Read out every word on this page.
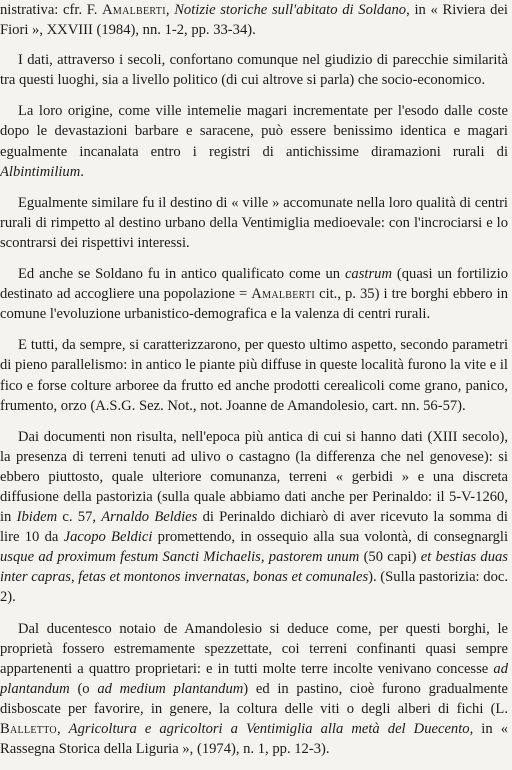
nistrativa: cfr. F. Amalberti, Notizie storiche sull'abitato di Soldano, in « Riviera dei Fiori », XXVIII (1984), nn. 1-2, pp. 33-34).

I dati, attraverso i secoli, confortano comunque nel giudizio di parecchie similarità tra questi luoghi, sia a livello politico (di cui altrove si parla) che socio-economico.

La loro origine, come ville intemelie magari incrementate per l'esodo dalle coste dopo le devastazioni barbare e saracene, può essere benissimo identica e magari egualmente incanalata entro i registri di antichissime diramazioni rurali di Albintimilium.

Egualmente similare fu il destino di « ville » accomunate nella loro qualità di centri rurali di rimpetto al destino urbano della Ventimiglia medioevale: con l'incrociarsi e lo scontrarsi dei rispettivi interessi.

Ed anche se Soldano fu in antico qualificato come un castrum (quasi un fortilizio destinato ad accogliere una popolazione = Amalberti cit., p. 35) i tre borghi ebbero in comune l'evoluzione urbanistico-demografica e la valenza di centri rurali.

E tutti, da sempre, si caratterizzarono, per questo ultimo aspetto, secondo parametri di pieno parallelismo: in antico le piante più diffuse in queste località furono la vite e il fico e forse colture arboree da frutto ed anche prodotti cerealicoli come grano, panico, frumento, orzo (A.S.G. Sez. Not., not. Joanne de Amandolesio, cart. nn. 56-57).

Dai documenti non risulta, nell'epoca più antica di cui si hanno dati (XIII secolo), la presenza di terreni tenuti ad ulivo o castagno (la differenza che nel genovese): si ebbero piuttosto, quale ulteriore comunanza, terreni « gerbidi » e una discreta diffusione della pastorizia (sulla quale abbiamo dati anche per Perinaldo: il 5-V-1260, in Ibidem c. 57, Arnaldo Beldies di Perinaldo dichiarò di aver ricevuto la somma di lire 10 da Jacopo Beldici promettendo, in ossequio alla sua volontà, di consegnargli usque ad proximum festum Sancti Michaelis, pastorem unum (50 capi) et bestias duas inter capras, fetas et montonos invernatas, bonas et comunales). (Sulla pastorizia: doc. 2).

Dal ducentesco notaio de Amandolesio si deduce come, per questi borghi, le proprietà fossero estremamente spezzettate, coi terreni confinanti quasi sempre appartenenti a quattro proprietari: e in tutti molte terre incolte venivano concesse ad plantandum (o ad medium plantandum) ed in pastino, cioè furono gradualmente disboscate per favorire, in genere, la coltura delle viti o degli alberi di fichi (L. Balletto, Agricoltura e agricoltori a Ventimiglia alla metà del Duecento, in « Rassegna Storica della Liguria », (1974), n. 1, pp. 12-3).
